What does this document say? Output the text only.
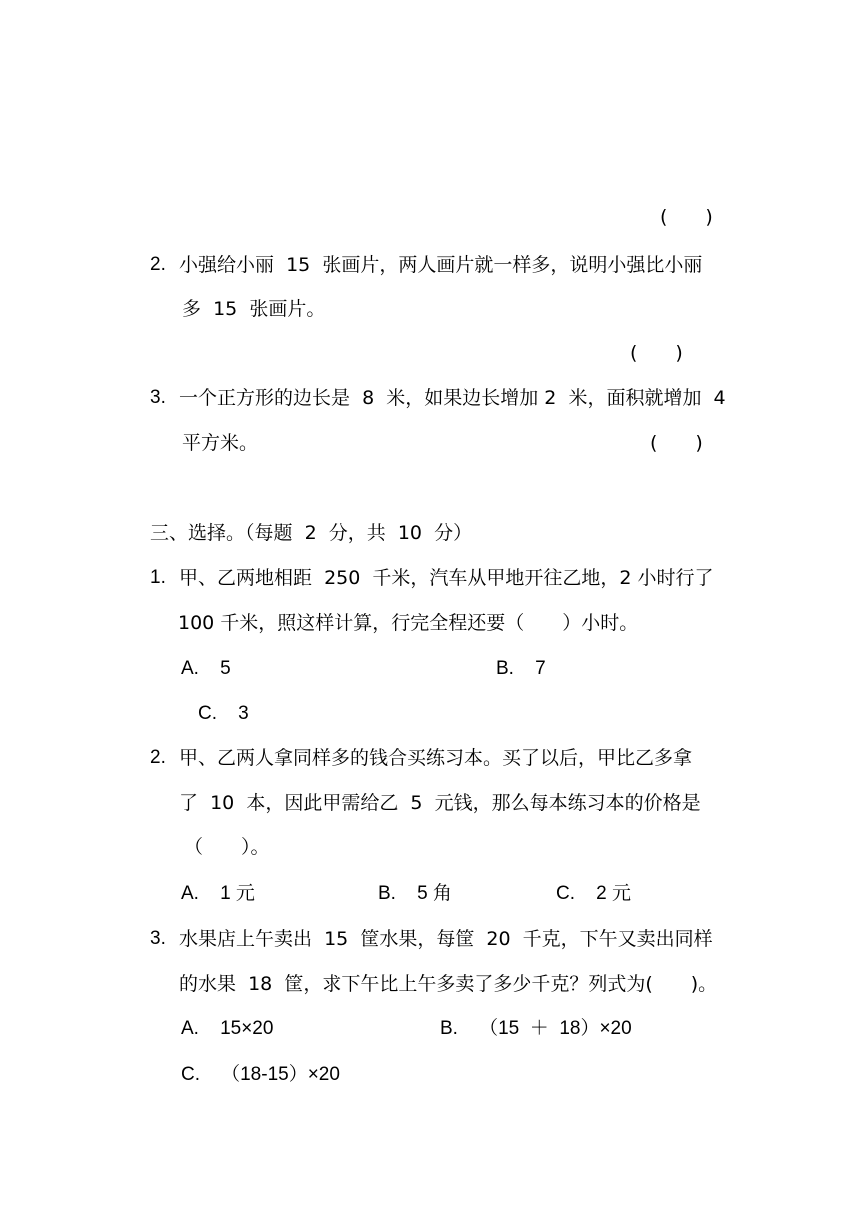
(　　)
2. 小强给小丽  15  张画片，两人画片就一样多，说明小强比小丽
多  15  张画片。
(　　)
3. 一个正方形的边长是  8  米，如果边长增加 2  米，面积就增加  4
平方米。	(　　)
三、选择。（每题  2  分，共  10  分）
1. 甲、乙两地相距  250  千米，汽车从甲地开往乙地，2 小时行了
100 千米，照这样计算，行完全程还要（　　）小时。
A.    5	B.    7
C.    3
2. 甲、乙两人拿同样多的钱合买练习本。买了以后，甲比乙多拿
了  10  本，因此甲需给乙  5  元钱，那么每本练习本的价格是
（　　）。
A.    1 元	B.    5 角	C.    2 元
3. 水果店上午卖出  15  筐水果，每筐  20  千克，下午又卖出同样
的水果  18  筐，求下午比上午多卖了多少千克？列式为(　　)。
A.    15×20	B.    （15  ＋  18）×20
C.    （18-15）×20
